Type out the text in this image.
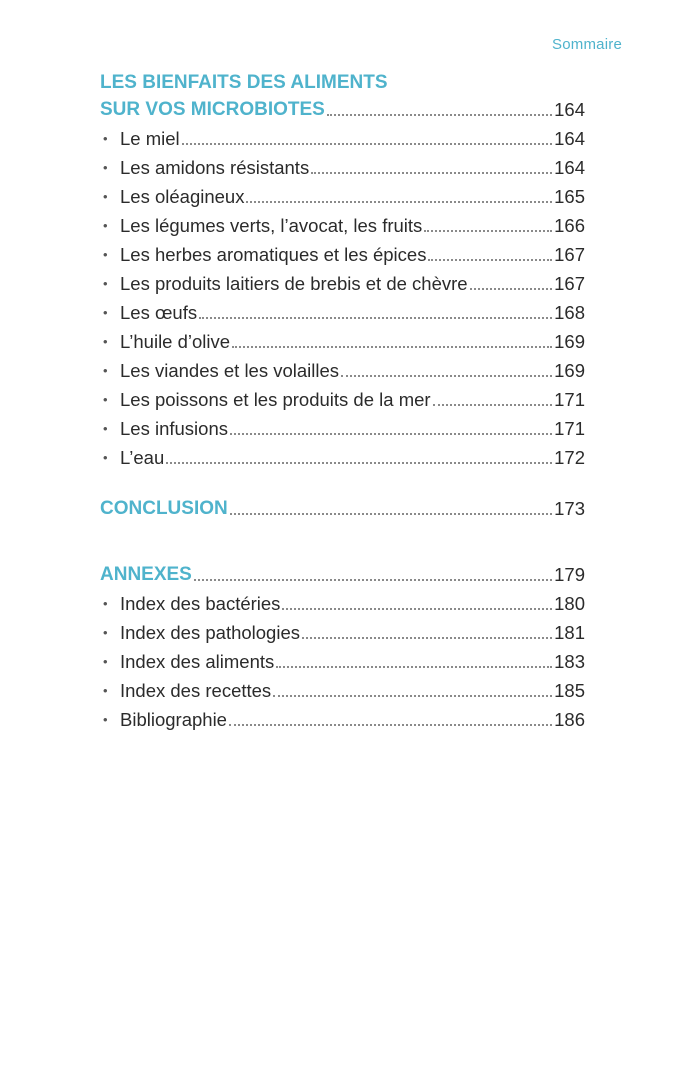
Sommaire
LES BIENFAITS DES ALIMENTS
SUR VOS MICROBIOTES	164
• Le miel	164
• Les amidons résistants	164
• Les oléagineux	165
• Les légumes verts, l’avocat, les fruits	166
• Les herbes aromatiques et les épices	167
• Les produits laitiers de brebis et de chèvre	167
• Les œufs	168
• L’huile d’olive	169
• Les viandes et les volailles	169
• Les poissons et les produits de la mer	171
• Les infusions	171
• L’eau	172
CONCLUSION	173
ANNEXES	179
• Index des bactéries	180
• Index des pathologies	181
• Index des aliments	183
• Index des recettes	185
• Bibliographie	186
